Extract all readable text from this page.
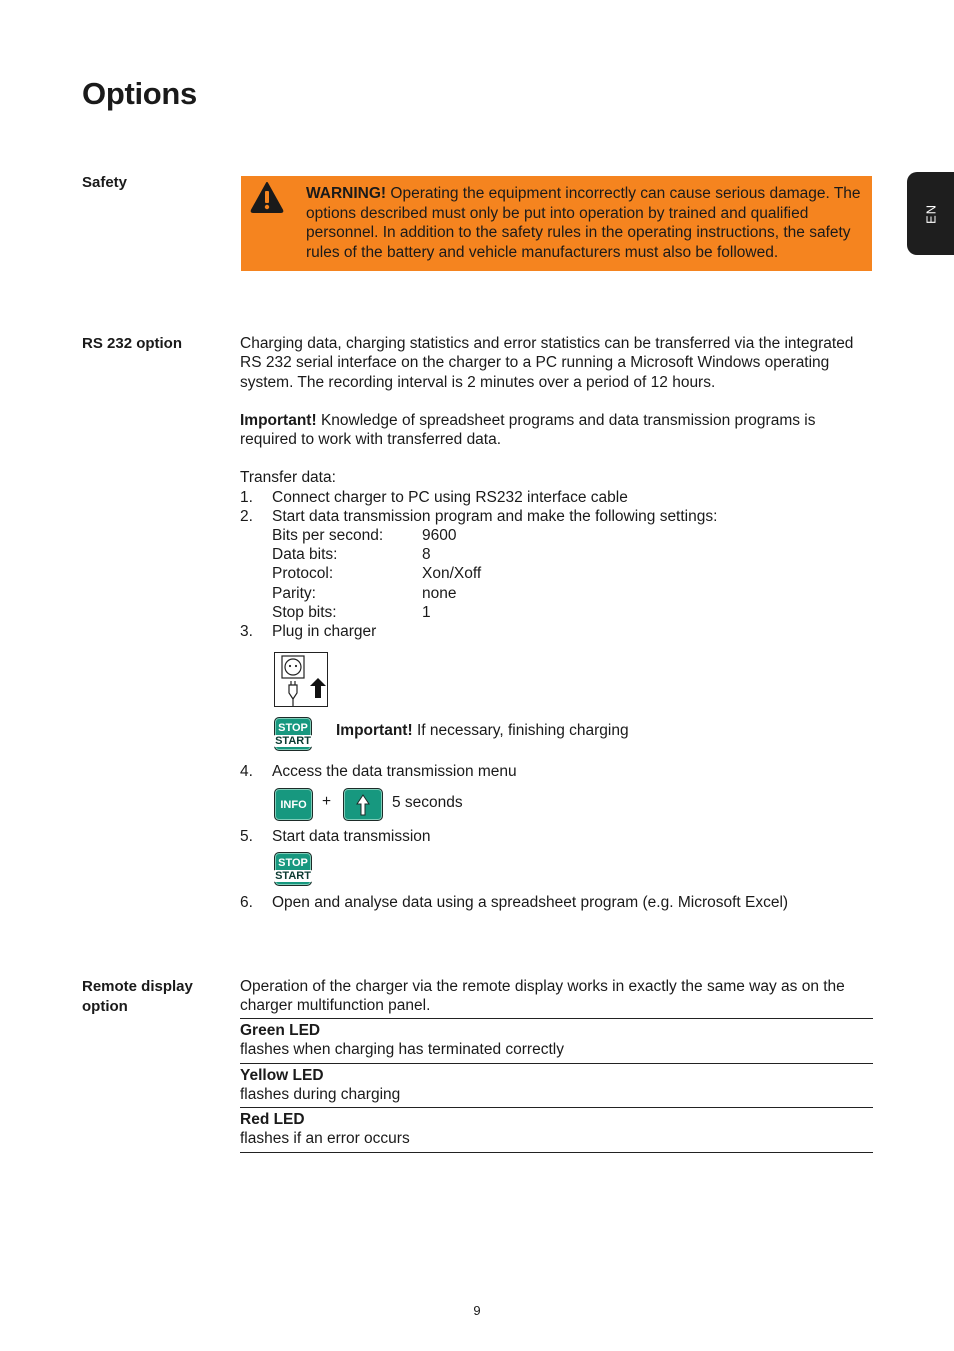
Options
EN
Safety
WARNING! Operating the equipment incorrectly can cause serious damage. The options described must only be put into operation by trained and qualified personnel. In addition to the safety rules in the operating instructions, the safety rules of the battery and vehicle manufacturers must also be followed.
RS 232 option	Charging data, charging statistics and error statistics can be transferred via the integrated RS 232 serial interface on the charger to a PC running a Microsoft Windows operating system. The recording interval is 2 minutes over a period of 12 hours.

Important! Knowledge of spreadsheet programs and data transmission programs is required to work with transferred data.

Transfer data:
1. Connect charger to PC using RS232 interface cable
2. Start data transmission program and make the following settings:
Bits per second:	9600
Data bits:	8
Protocol:	Xon/Xoff
Parity:	none
Stop bits:	1
3. Plug in charger
STOP
START
Important! If necessary, finishing charging
4. Access the data transmission menu
INFO +	5 seconds
5. Start data transmission
STOP
START
6. Open and analyse data using a spreadsheet program (e.g. Microsoft Excel)
Remote display option
Operation of the charger via the remote display works in exactly the same way as on the charger multifunction panel.
Green LED
flashes when charging has terminated correctly
Yellow LED
flashes during charging
Red LED
flashes if an error occurs
9
